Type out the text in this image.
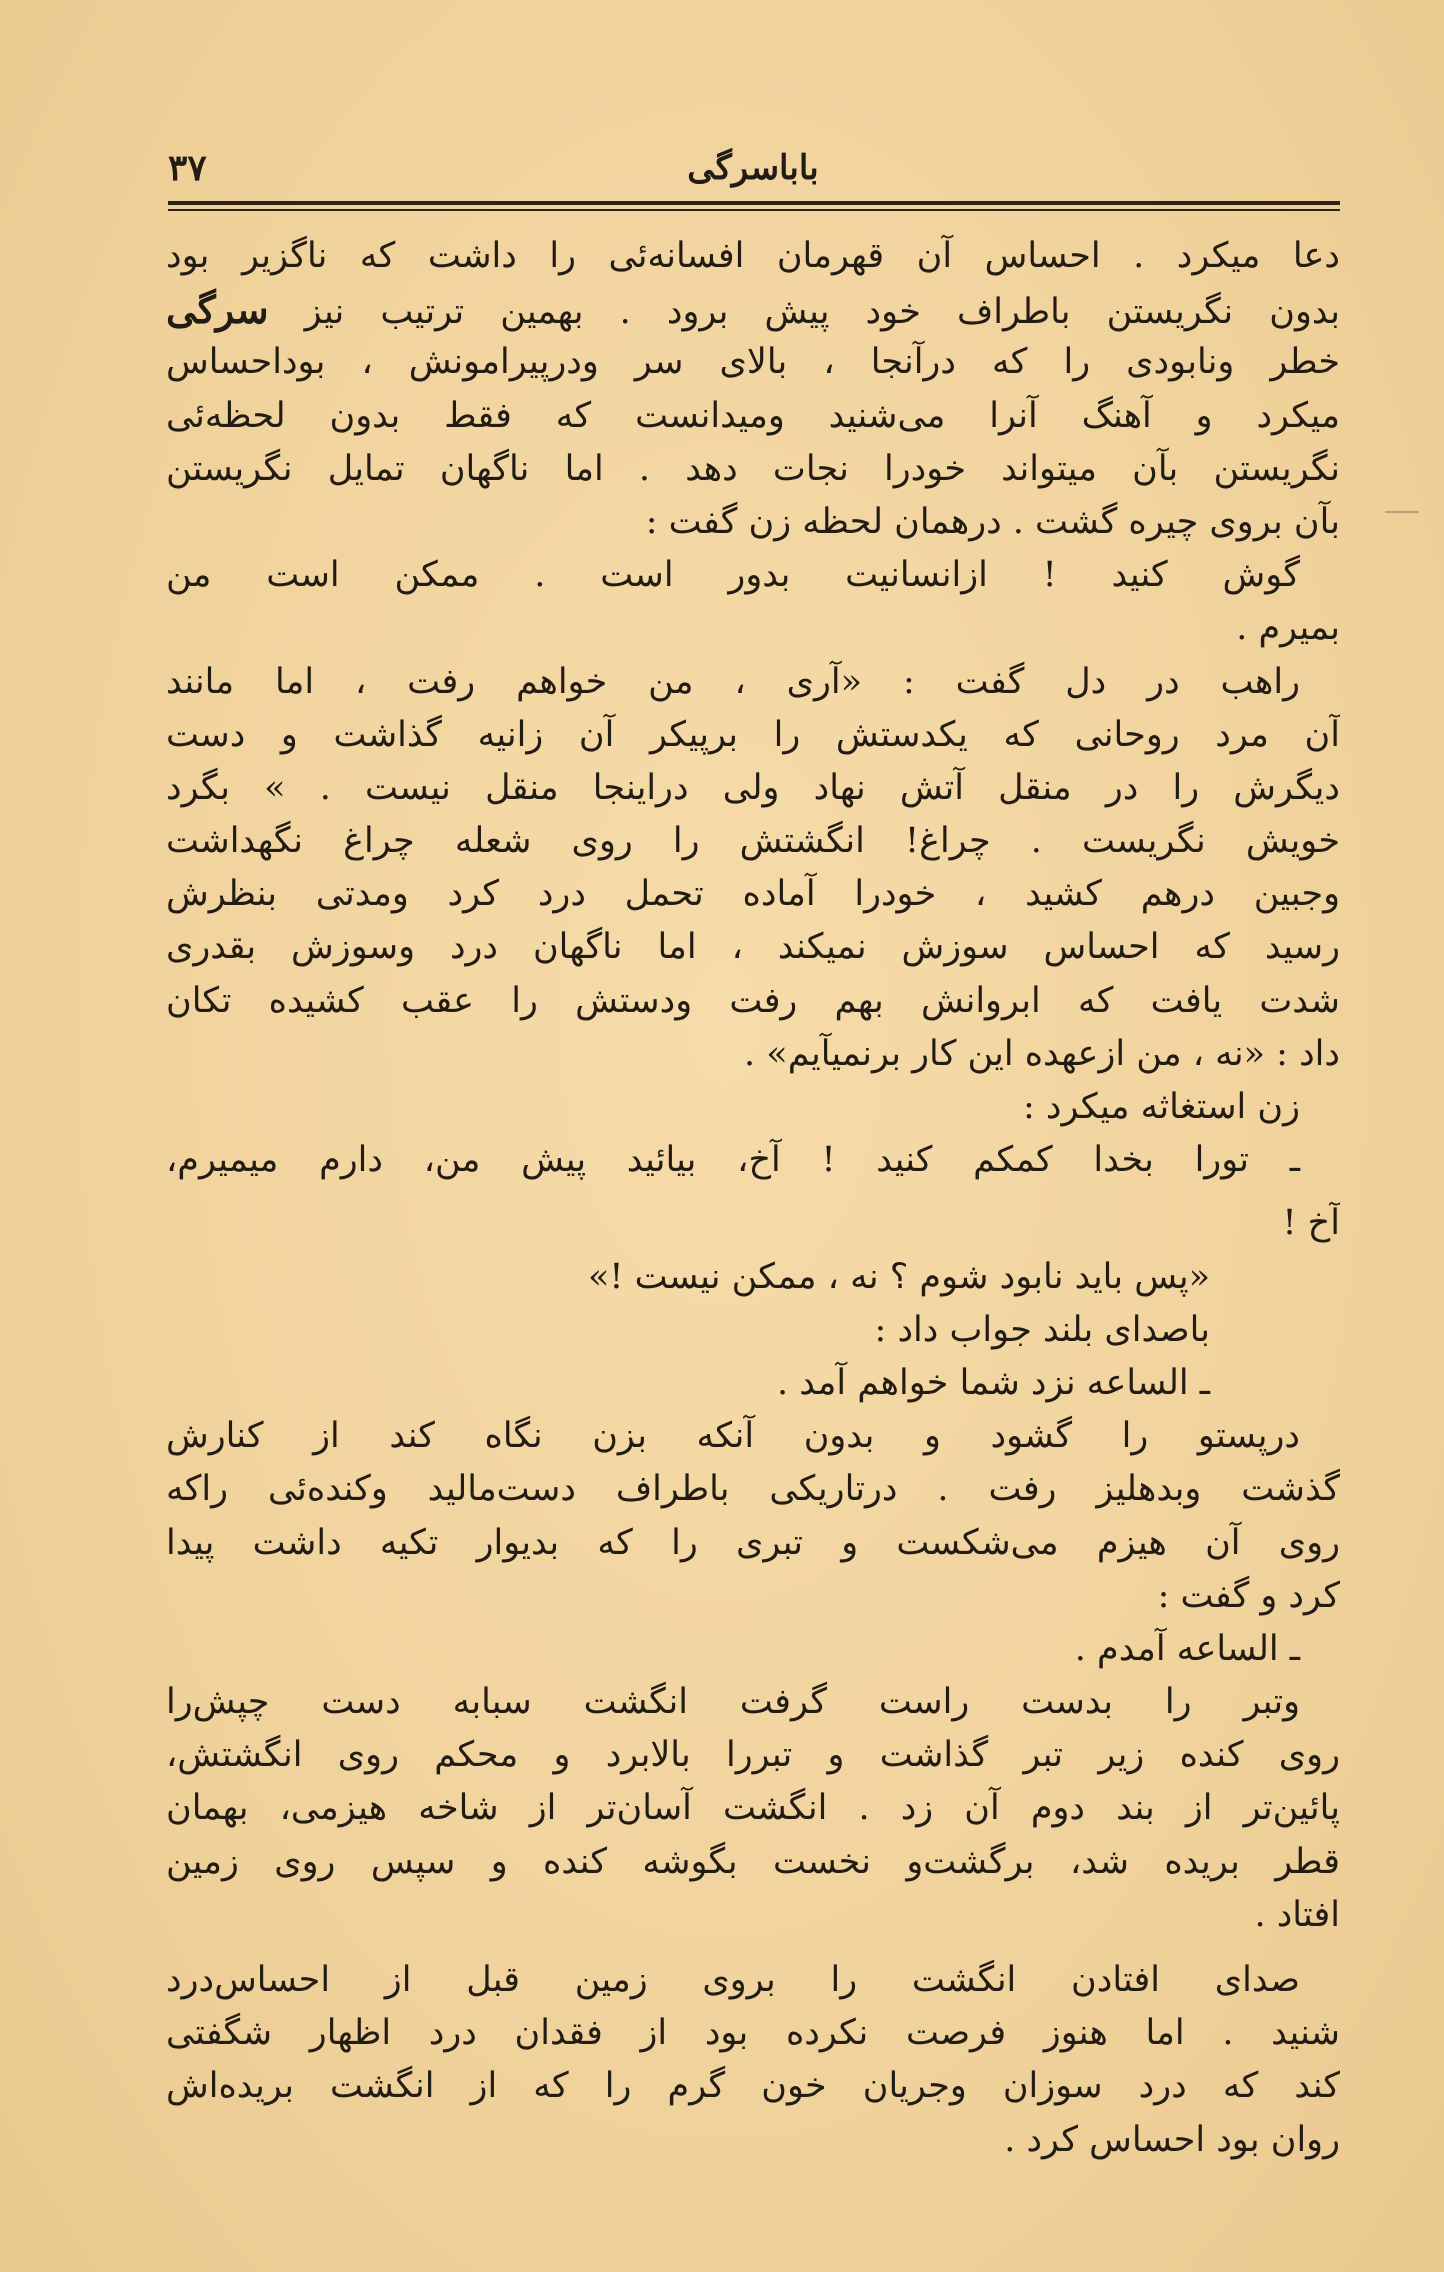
باباسرگی
۳۷
دعا میکرد . احساس آن قهرمان افسانه‌ئی را داشت که ناگزیر بود
بدون نگریستن باطراف خود پیش برود . بهمین ترتیب نیز سرگی
خطر ونابودی را که درآنجا ، بالای سر ودرپیرامونش ، بوداحساس
میکرد و آهنگ آنرا می‌شنید ومیدانست که فقط بدون لحظه‌ئی
نگریستن بآن میتواند خودرا نجات دهد . اما ناگهان تمایل نگریستن
بآن بروی چیره گشت . درهمان لحظه زن گفت :
گوش کنید ! ازانسانیت بدور است . ممکن است من
بمیرم .
راهب در دل گفت : «آری ، من خواهم رفت ، اما مانند
آن مرد روحانی که یکدستش را برپیکر آن زانیه گذاشت و دست
دیگرش را در منقل آتش نهاد ولی دراینجا منقل نیست . » بگرد
خویش نگریست . چراغ! انگشتش را روی شعله چراغ نگهداشت
وجبین درهم کشید ، خودرا آماده تحمل درد کرد ومدتی بنظرش
رسید که احساس سوزش نمیکند ، اما ناگهان درد وسوزش بقدری
شدت یافت که ابروانش بهم رفت ودستش را عقب کشیده تکان
داد : «نه ، من ازعهده این کار برنمیآیم» .
زن استغاثه میکرد :
ـ تورا بخدا کمکم کنید ! آخ، بیائید پیش من، دارم میمیرم،
آخ !
«پس باید نابود شوم ؟ نه ، ممکن نیست !»
باصدای بلند جواب داد :
ـ الساعه نزد شما خواهم آمد .
درپستو را گشود و بدون آنکه بزن نگاه کند از کنارش
گذشت وبدهلیز رفت . درتاریکی باطراف دست‌مالید وکنده‌ئی راکه
روی آن هیزم می‌شکست و تبری را که بدیوار تکیه داشت پیدا
کرد و گفت :
ـ الساعه آمدم .
وتبر را بدست راست گرفت انگشت سبابه دست چپش‌را
روی کنده زیر تبر گذاشت و تبررا بالابرد و محکم روی انگشتش،
پائین‌تر از بند دوم آن زد . انگشت آسان‌تر از شاخه هیزمی، بهمان
قطر بریده شد، برگشت‌و نخست بگوشه کنده و سپس روی زمین
افتاد .
صدای افتادن انگشت را بروی زمین قبل از احساس‌درد
شنید . اما هنوز فرصت نکرده بود از فقدان درد اظهار شگفتی
کند که درد سوزان وجریان خون گرم را که از انگشت بریده‌اش
روان بود احساس کرد .
